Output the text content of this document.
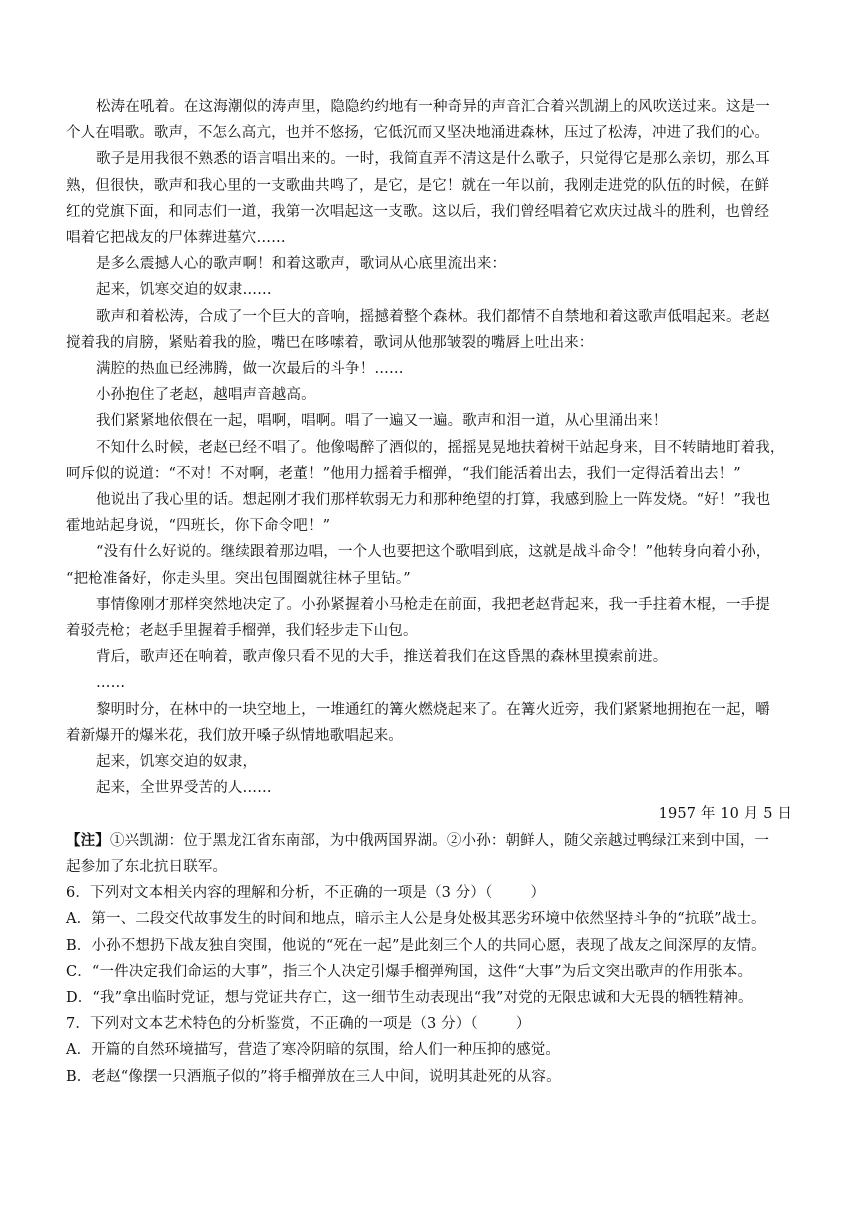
松涛在吼着。在这海潮似的涛声里，隐隐约约地有一种奇异的声音汇合着兴凯湖上的风吹送过来。这是一
个人在唱歌。歌声，不怎么高亢，也并不悠扬，它低沉而又坚决地涌进森林，压过了松涛，冲进了我们的心。
歌子是用我很不熟悉的语言唱出来的。一时，我简直弄不清这是什么歌子，只觉得它是那么亲切，那么耳
熟，但很快，歌声和我心里的一支歌曲共鸣了，是它，是它！就在一年以前，我刚走进党的队伍的时候，在鲜
红的党旗下面，和同志们一道，我第一次唱起这一支歌。这以后，我们曾经唱着它欢庆过战斗的胜利，也曾经
唱着它把战友的尸体葬进墓穴……
是多么震撼人心的歌声啊！和着这歌声，歌词从心底里流出来：
起来，饥寒交迫的奴隶……
歌声和着松涛，合成了一个巨大的音响，摇撼着整个森林。我们都情不自禁地和着这歌声低唱起来。老赵
搅着我的肩膀，紧贴着我的脸，嘴巴在哆嗦着，歌词从他那皱裂的嘴唇上吐出来：
满腔的热血已经沸腾，做一次最后的斗争！……
小孙抱住了老赵，越唱声音越高。
我们紧紧地依偎在一起，唱啊，唱啊。唱了一遍又一遍。歌声和泪一道，从心里涌出来！
不知什么时候，老赵已经不唱了。他像喝醉了酒似的，摇摇晃晃地扶着树干站起身来，目不转睛地盯着我，
呵斥似的说道：“不对！不对啊，老董！”他用力摇着手榴弹，“我们能活着出去，我们一定得活着出去！”
他说出了我心里的话。想起刚才我们那样软弱无力和那种绝望的打算，我感到脸上一阵发烧。“好！”我也
霍地站起身说，“四班长，你下命令吧！”
“没有什么好说的。继续跟着那边唱，一个人也要把这个歌唱到底，这就是战斗命令！”他转身向着小孙，
“把枪准备好，你走头里。突出包围圈就往林子里钻。”
事情像刚才那样突然地决定了。小孙紧握着小马枪走在前面，我把老赵背起来，我一手拄着木棍，一手提
着驳壳枪；老赵手里握着手榴弹，我们轻步走下山包。
背后，歌声还在响着，歌声像只看不见的大手，推送着我们在这昏黑的森林里摸索前进。
……
黎明时分，在林中的一块空地上，一堆通红的篝火燃烧起来了。在篝火近旁，我们紧紧地拥抱在一起，嚼
着新爆开的爆米花，我们放开嗓子纵情地歌唱起来。
起来，饥寒交迫的奴隶，
起来，全世界受苦的人……
1957 年 10 月 5 日
【注】①兴凯湖：位于黑龙江省东南部，为中俄两国界湖。②小孙：朝鲜人，随父亲越过鸭绿江来到中国，一
起参加了东北抗日联军。
6．下列对文本相关内容的理解和分析，不正确的一项是（3 分）（	）
A．第一、二段交代故事发生的时间和地点，暗示主人公是身处极其恶劣环境中依然坚持斗争的“抗联”战士。
B．小孙不想扔下战友独自突围，他说的“死在一起”是此刻三个人的共同心愿，表现了战友之间深厚的友情。
C．“一件决定我们命运的大事”，指三个人决定引爆手榴弹殉国，这件“大事”为后文突出歌声的作用张本。
D．“我”拿出临时党证，想与党证共存亡，这一细节生动表现出“我”对党的无限忠诚和大无畏的牺牲精神。
7．下列对文本艺术特色的分析鉴赏，不正确的一项是（3 分）（	）
A．开篇的自然环境描写，营造了寒冷阴暗的氛围，给人们一种压抑的感觉。
B．老赵“像摆一只酒瓶子似的”将手榴弹放在三人中间，说明其赴死的从容。
